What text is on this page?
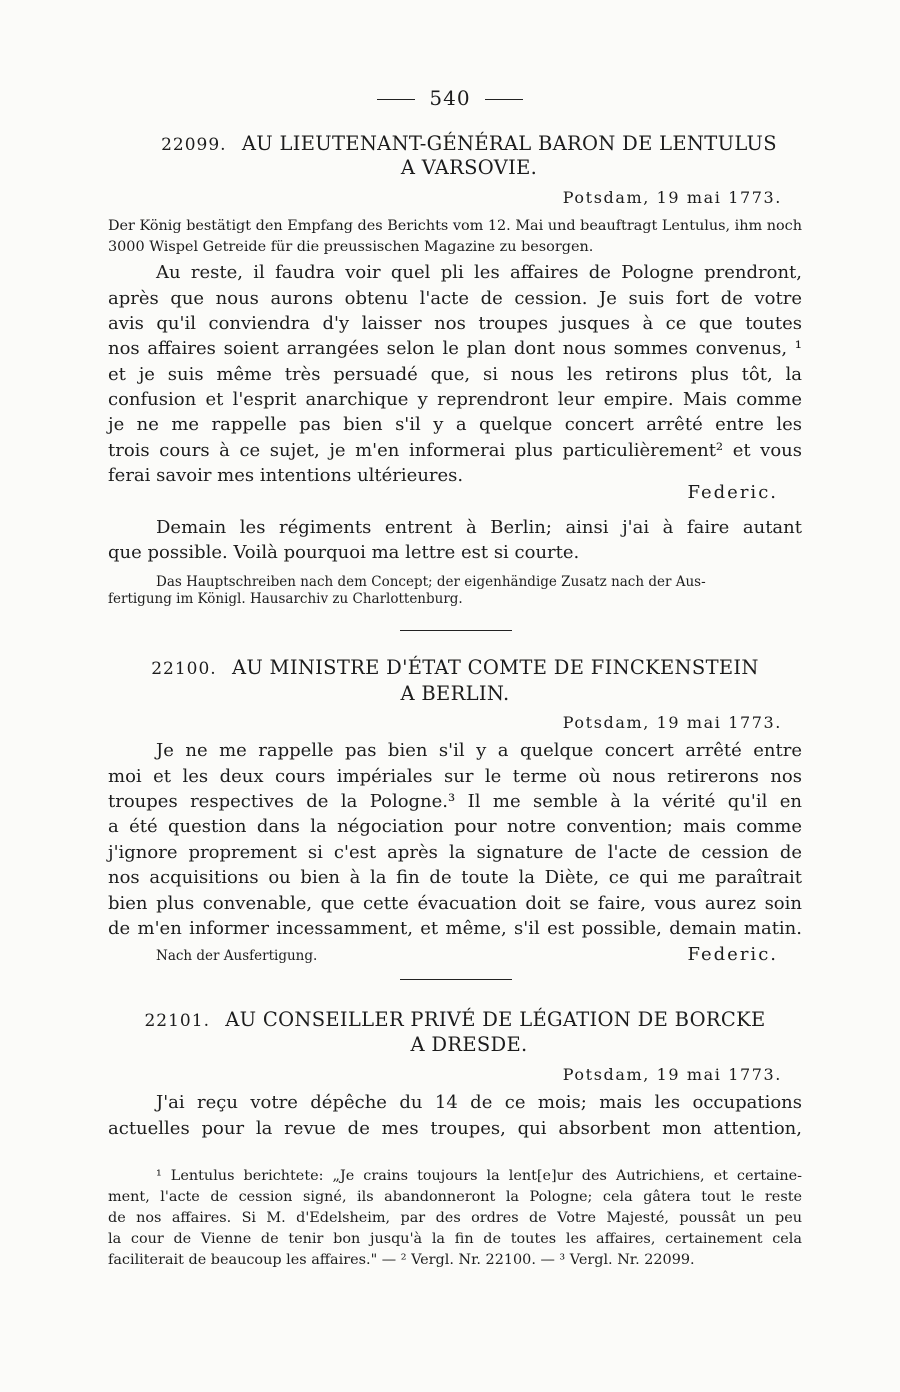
540
22099. AU LIEUTENANT-GÉNÉRAL BARON DE LENTULUS
A VARSOVIE.
Potsdam, 19 mai 1773.
Der König bestätigt den Empfang des Berichts vom 12. Mai und beauftragt Lentulus, ihm noch 3000 Wispel Getreide für die preussischen Magazine zu besorgen.
Au reste, il faudra voir quel pli les affaires de Pologne prendront,
après que nous aurons obtenu l'acte de cession. Je suis fort de votre
avis qu'il conviendra d'y laisser nos troupes jusques à ce que toutes
nos affaires soient arrangées selon le plan dont nous sommes convenus, ¹
et je suis même très persuadé que, si nous les retirons plus tôt, la
confusion et l'esprit anarchique y reprendront leur empire. Mais comme
je ne me rappelle pas bien s'il y a quelque concert arrêté entre les
trois cours à ce sujet, je m'en informerai plus particulièrement² et vous
ferai savoir mes intentions ultérieures.
Federic.
Demain les régiments entrent à Berlin; ainsi j'ai à faire autant
que possible. Voilà pourquoi ma lettre est si courte.
Das Hauptschreiben nach dem Concept; der eigenhändige Zusatz nach der Aus-
fertigung im Königl. Hausarchiv zu Charlottenburg.
22100. AU MINISTRE D'ÉTAT COMTE DE FINCKENSTEIN
A BERLIN.
Potsdam, 19 mai 1773.
Je ne me rappelle pas bien s'il y a quelque concert arrêté entre
moi et les deux cours impériales sur le terme où nous retirerons nos
troupes respectives de la Pologne.³ Il me semble à la vérité qu'il en
a été question dans la négociation pour notre convention; mais comme
j'ignore proprement si c'est après la signature de l'acte de cession de
nos acquisitions ou bien à la fin de toute la Diète, ce qui me paraîtrait
bien plus convenable, que cette évacuation doit se faire, vous aurez soin
de m'en informer incessamment, et même, s'il est possible, demain matin.
Nach der Ausfertigung.	Federic.
22101. AU CONSEILLER PRIVÉ DE LÉGATION DE BORCKE
A DRESDE.
Potsdam, 19 mai 1773.
J'ai reçu votre dépêche du 14 de ce mois; mais les occupations
actuelles pour la revue de mes troupes, qui absorbent mon attention,
¹ Lentulus berichtete: „Je crains toujours la lent[e]ur des Autrichiens, et certaine-
ment, l'acte de cession signé, ils abandonneront la Pologne; cela gâtera tout le reste
de nos affaires. Si M. d'Edelsheim, par des ordres de Votre Majesté, poussât un peu
la cour de Vienne de tenir bon jusqu'à la fin de toutes les affaires, certainement cela
faciliterait de beaucoup les affaires." — ² Vergl. Nr. 22100. — ³ Vergl. Nr. 22099.
